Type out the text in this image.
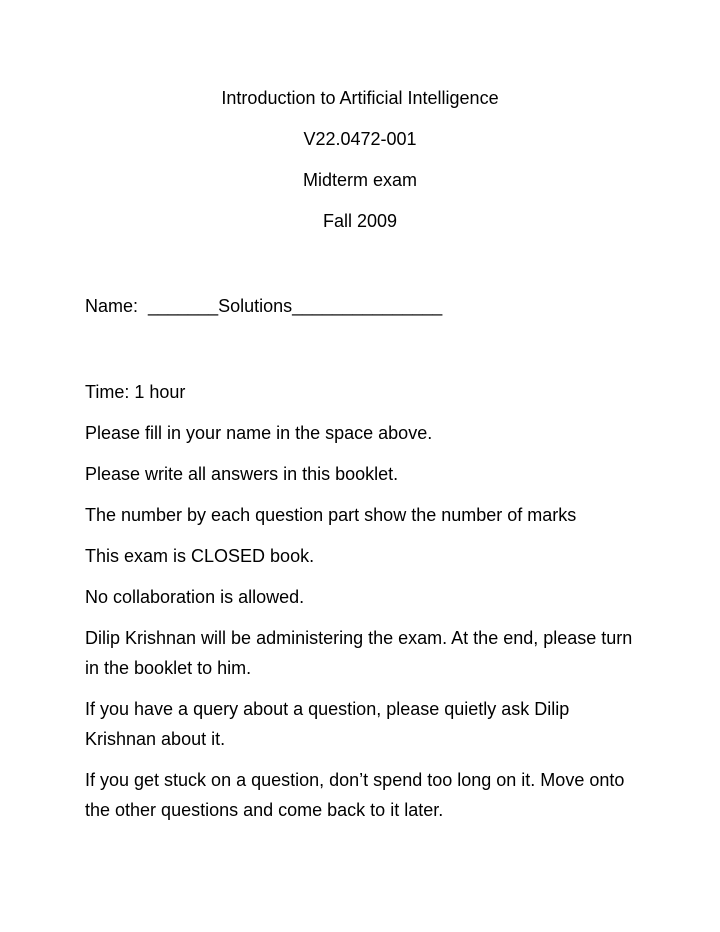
Introduction to Artificial Intelligence
V22.0472-001
Midterm exam
Fall 2009
Name:  _______Solutions_______________
Time: 1 hour
Please fill in your name in the space above.
Please write all answers in this booklet.
The number by each question part show the number of marks
This exam is CLOSED book.
No collaboration is allowed.
Dilip Krishnan will be administering the exam. At the end, please turn in the booklet to him.
If you have a query about a question, please quietly ask Dilip Krishnan about it.
If you get stuck on a question, don’t spend too long on it. Move onto the other questions and come back to it later.
